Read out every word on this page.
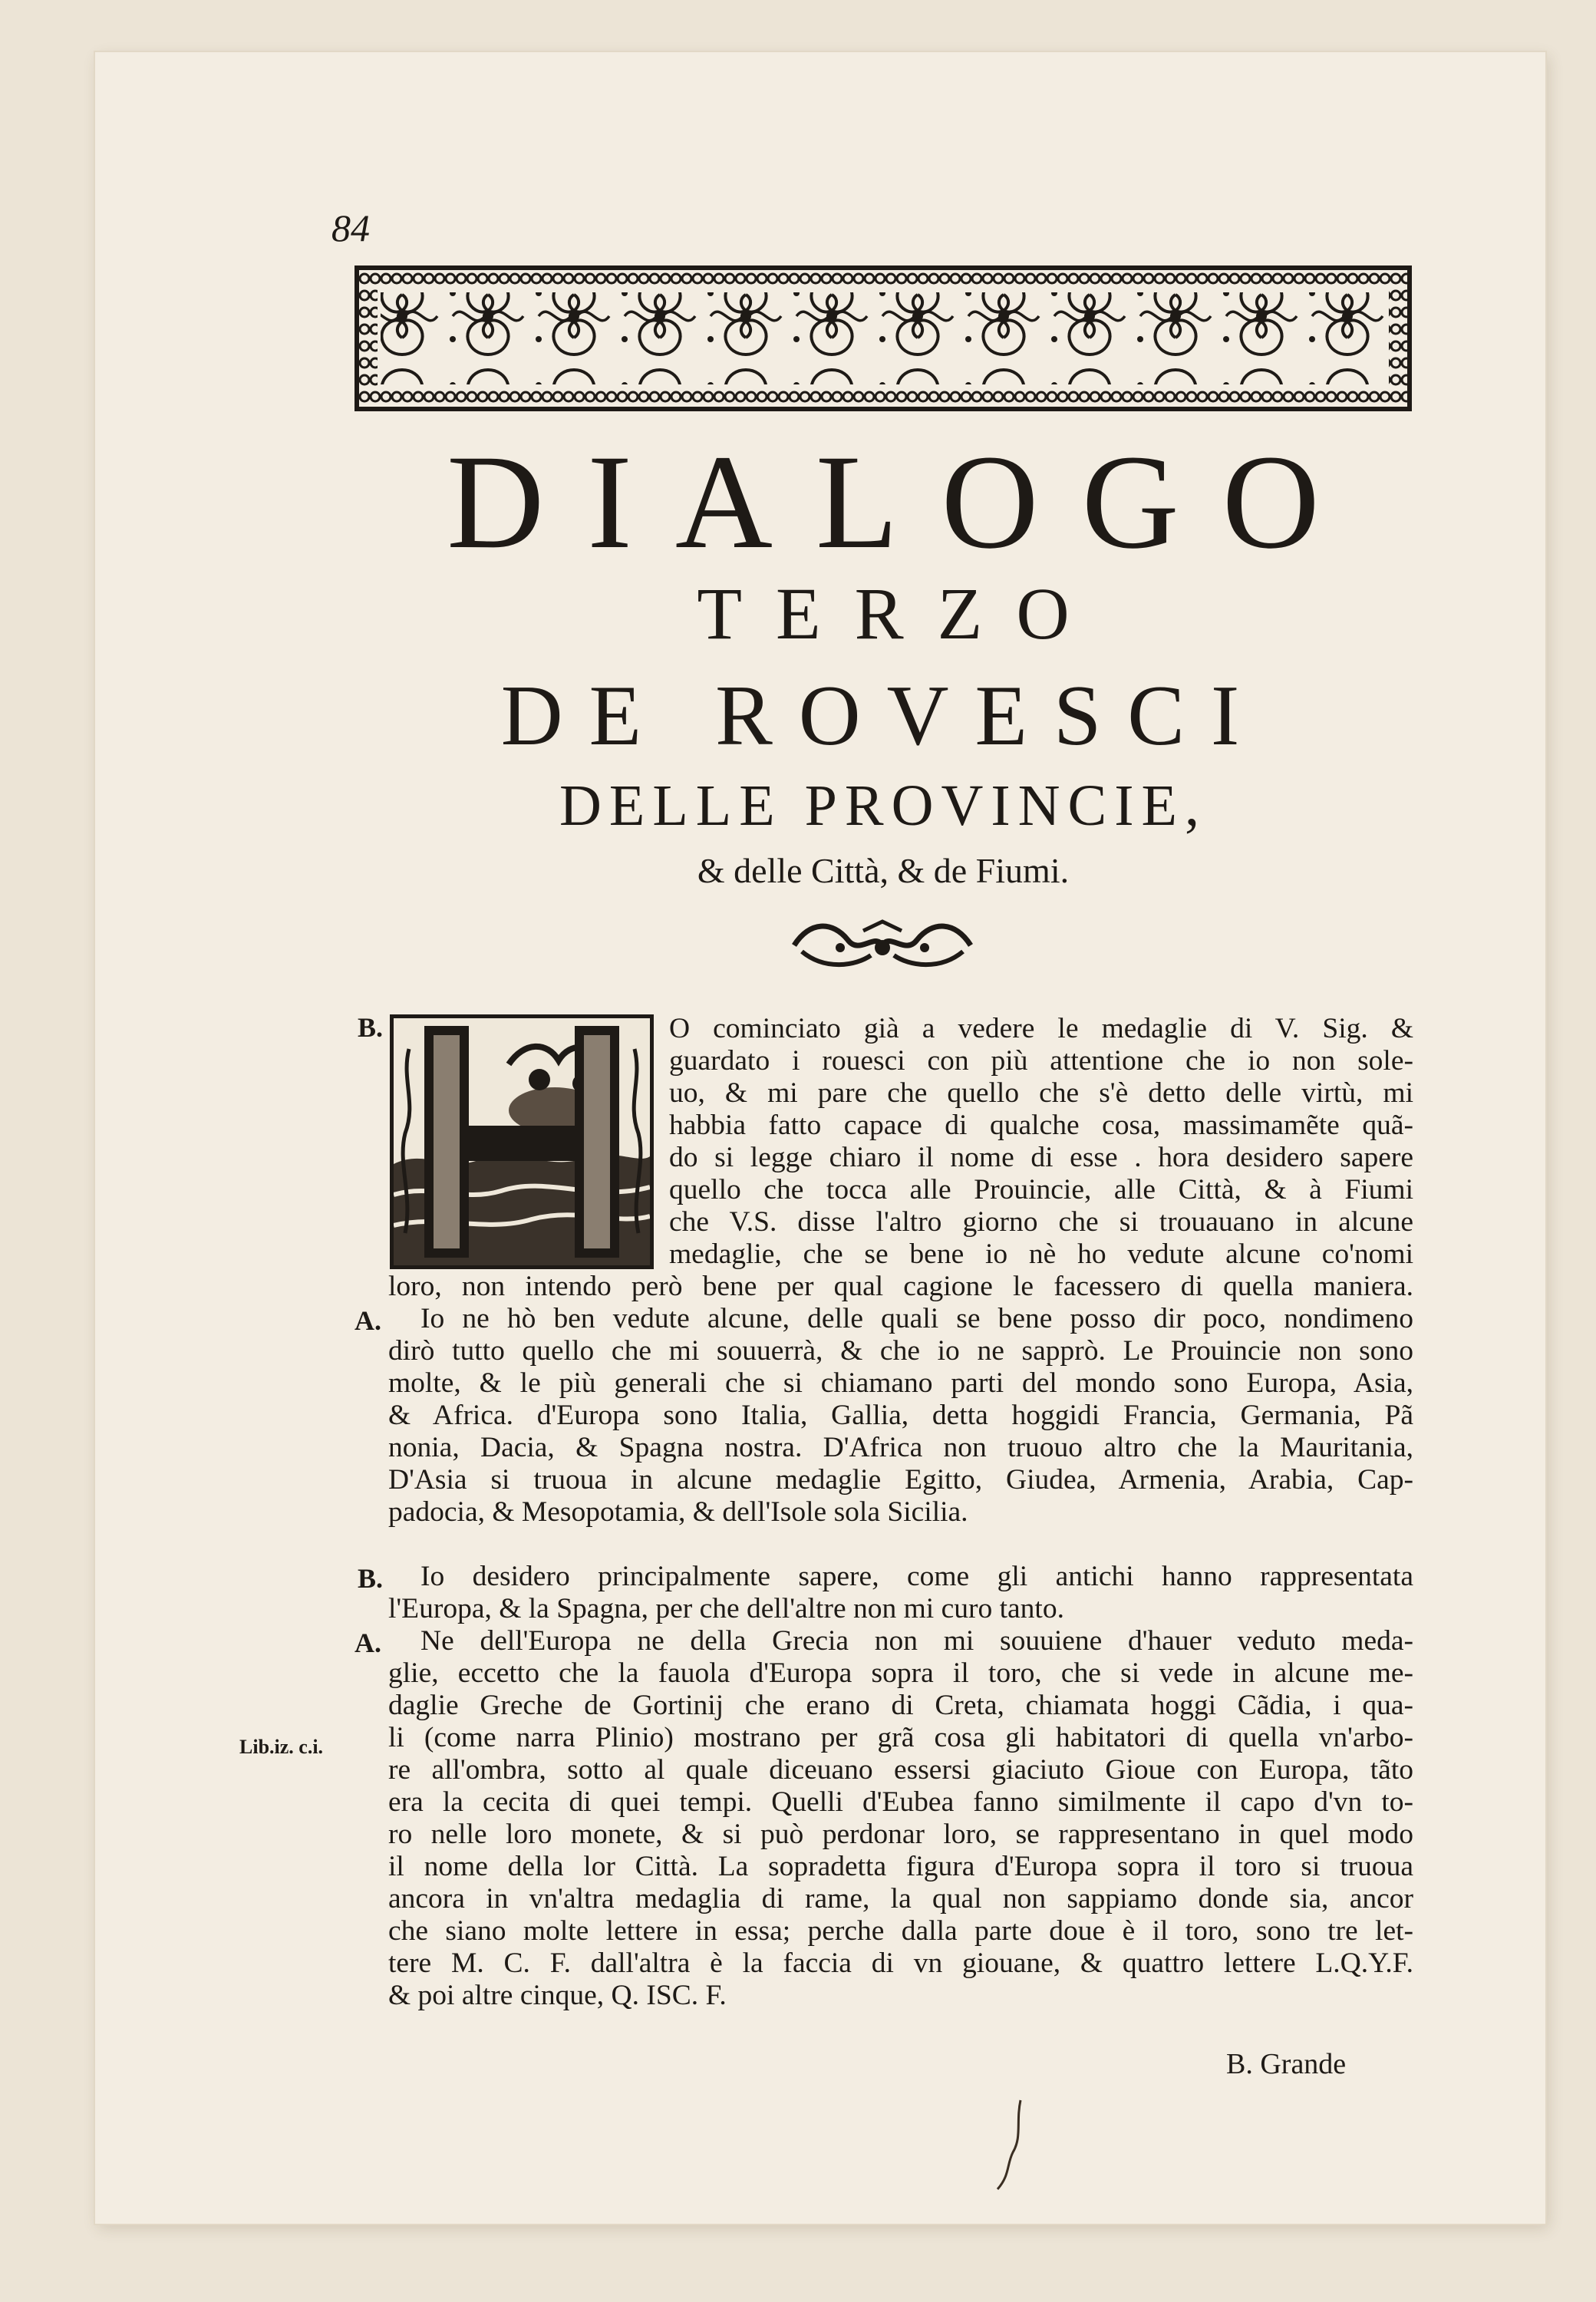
84
DIALOGO
TERZO
DE ROVESCI
DELLE PROVINCIE,
& delle Città, & de Fiumi.
B.	O cominciato già a vedere le medaglie di V. Sig. &
guardato i rouesci con più attentione che io non sole-
uo, & mi pare che quello che s'è detto delle virtù, mi
habbia fatto capace di qualche cosa, massimamẽte quã-
do si legge chiaro il nome di esse . hora desidero sapere
quello che tocca alle Prouincie, alle Città, & à Fiumi
che V.S. disse l'altro giorno che si trouauano in alcune
medaglie, che se bene io nè ho vedute alcune co'nomi
loro, non intendo però bene per qual cagione le facessero di quella maniera.
A. Io ne hò ben vedute alcune, delle quali se bene posso dir poco, nondimeno
dirò tutto quello che mi souuerrà, & che io ne sapprò. Le Prouincie non sono
molte, & le più generali che si chiamano parti del mondo sono Europa, Asia,
& Africa. d'Europa sono Italia, Gallia, detta hoggidi Francia, Germania, Pã
nonia, Dacia, & Spagna nostra. D'Africa non truouo altro che la Mauritania,
D'Asia si truoua in alcune medaglie Egitto, Giudea, Armenia, Arabia, Cap-
padocia, & Mesopotamia, & dell'Isole sola Sicilia.
B. Io desidero principalmente sapere, come gli antichi hanno rappresentata
l'Europa, & la Spagna, per che dell'altre non mi curo tanto.
A. Ne dell'Europa ne della Grecia non mi souuiene d'hauer veduto meda-
glie, eccetto che la fauola d'Europa sopra il toro, che si vede in alcune me-
daglie Greche de Gortinij che erano di Creta, chiamata hoggi Cãdia, i qua-
Lib.iz. c.i. li (come narra Plinio) mostrano per grã cosa gli habitatori di quella vn'arbo-
re all'ombra, sotto al quale diceuano essersi giaciuto Gioue con Europa, tãto
era la cecita di quei tempi. Quelli d'Eubea fanno similmente il capo d'vn to-
ro nelle loro monete, & si può perdonar loro, se rappresentano in quel modo
il nome della lor Città. La sopradetta figura d'Europa sopra il toro si truoua
ancora in vn'altra medaglia di rame, la qual non sappiamo donde sia, ancor
che siano molte lettere in essa; perche dalla parte doue è il toro, sono tre let-
tere M. C. F. dall'altra è la faccia di vn giouane, & quattro lettere L.Q.Y.F.
& poi altre cinque, Q. ISC. F.
B. Grande
